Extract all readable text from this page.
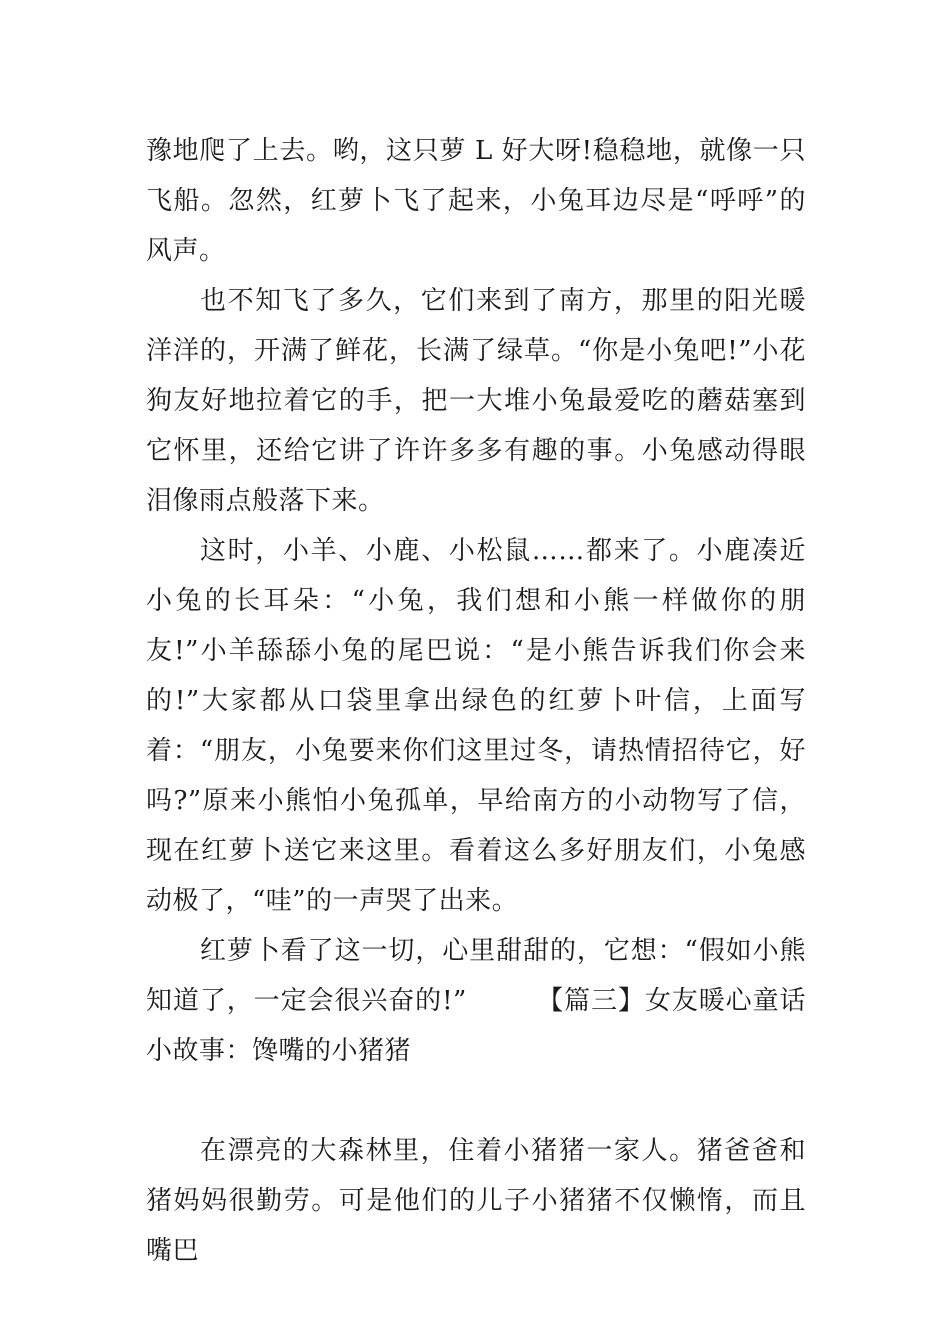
豫地爬了上去。哟，这只萝 L 好大呀!稳稳地，就像一只飞船。忽然，红萝卜飞了起来，小兔耳边尽是“呼呼”的风声。

也不知飞了多久，它们来到了南方，那里的阳光暖洋洋的，开满了鲜花，长满了绿草。“你是小兔吧!”小花狗友好地拉着它的手，把一大堆小兔最爱吃的蘑菇塞到它怀里，还给它讲了许许多多有趣的事。小兔感动得眼泪像雨点般落下来。

这时，小羊、小鹿、小松鼠……都来了。小鹿凑近小兔的长耳朵：“小兔，我们想和小熊一样做你的朋友!”小羊舔舔小兔的尾巴说：“是小熊告诉我们你会来的!”大家都从口袋里拿出绿色的红萝卜叶信，上面写着：“朋友，小兔要来你们这里过冬，请热情招待它，好吗?”原来小熊怕小兔孤单，早给南方的小动物写了信，现在红萝卜送它来这里。看着这么多好朋友们，小兔感动极了，“哇”的一声哭了出来。

红萝卜看了这一切，心里甜甜的，它想：“假如小熊知道了，一定会很兴奋的!”	【篇三】女友暖心童话小故事：馋嘴的小猪猪

在漂亮的大森林里，住着小猪猪一家人。猪爸爸和猪妈妈很勤劳。可是他们的儿子小猪猪不仅懒惰，而且嘴巴
